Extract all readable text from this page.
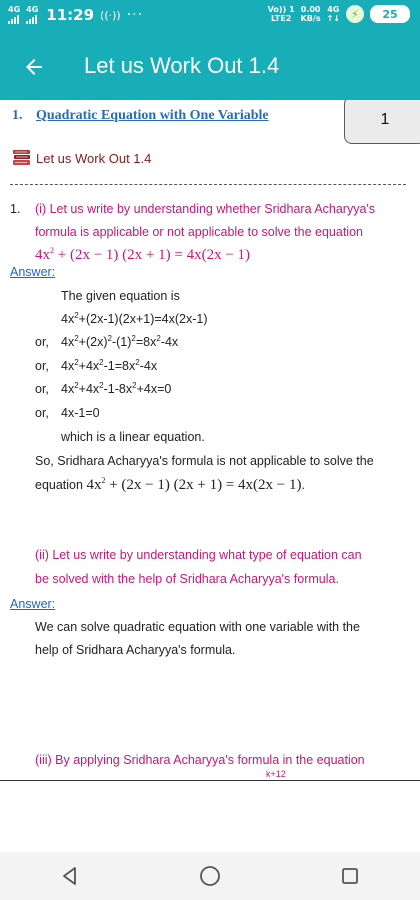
4G 4G 11:29 ((·)) ···	Vo)) 1
LTE2
0.00
KB/s
4G
↑↓	⚡	25
Let us Work Out 1.4
1. Quadratic Equation with One Variable	1
Let us Work Out 1.4
1. (i) Let us write by understanding whether Sridhara Acharyya's
formula is applicable or not applicable to solve the equation
$4x^2 + (2x - 1) (2x + 1) = 4x(2x - 1)$
Answer:
The given equation is
$4x^2+(2x-1)(2x+1)=4x(2x-1)$
or, $4x^2+(2x)^2-(1)^2=8x^2-4x$
or, $4x^2+4x^2-1=8x^2-4x$
or, $4x^2+4x^2-1-8x^2+4x=0$
or, 4x-1=0
which is a linear equation.
So, Sridhara Acharyya's formula is not applicable to solve the
equation $4x^2 + (2x - 1) (2x + 1) = 4x(2x - 1)$.
(ii) Let us write by understanding what type of equation can
be solved with the help of Sridhara Acharyya's formula.
Answer:
We can solve quadratic equation with one variable with the
help of Sridhara Acharyya's formula.
(iii) By applying Sridhara Acharyya's formula in the equation
k+12
